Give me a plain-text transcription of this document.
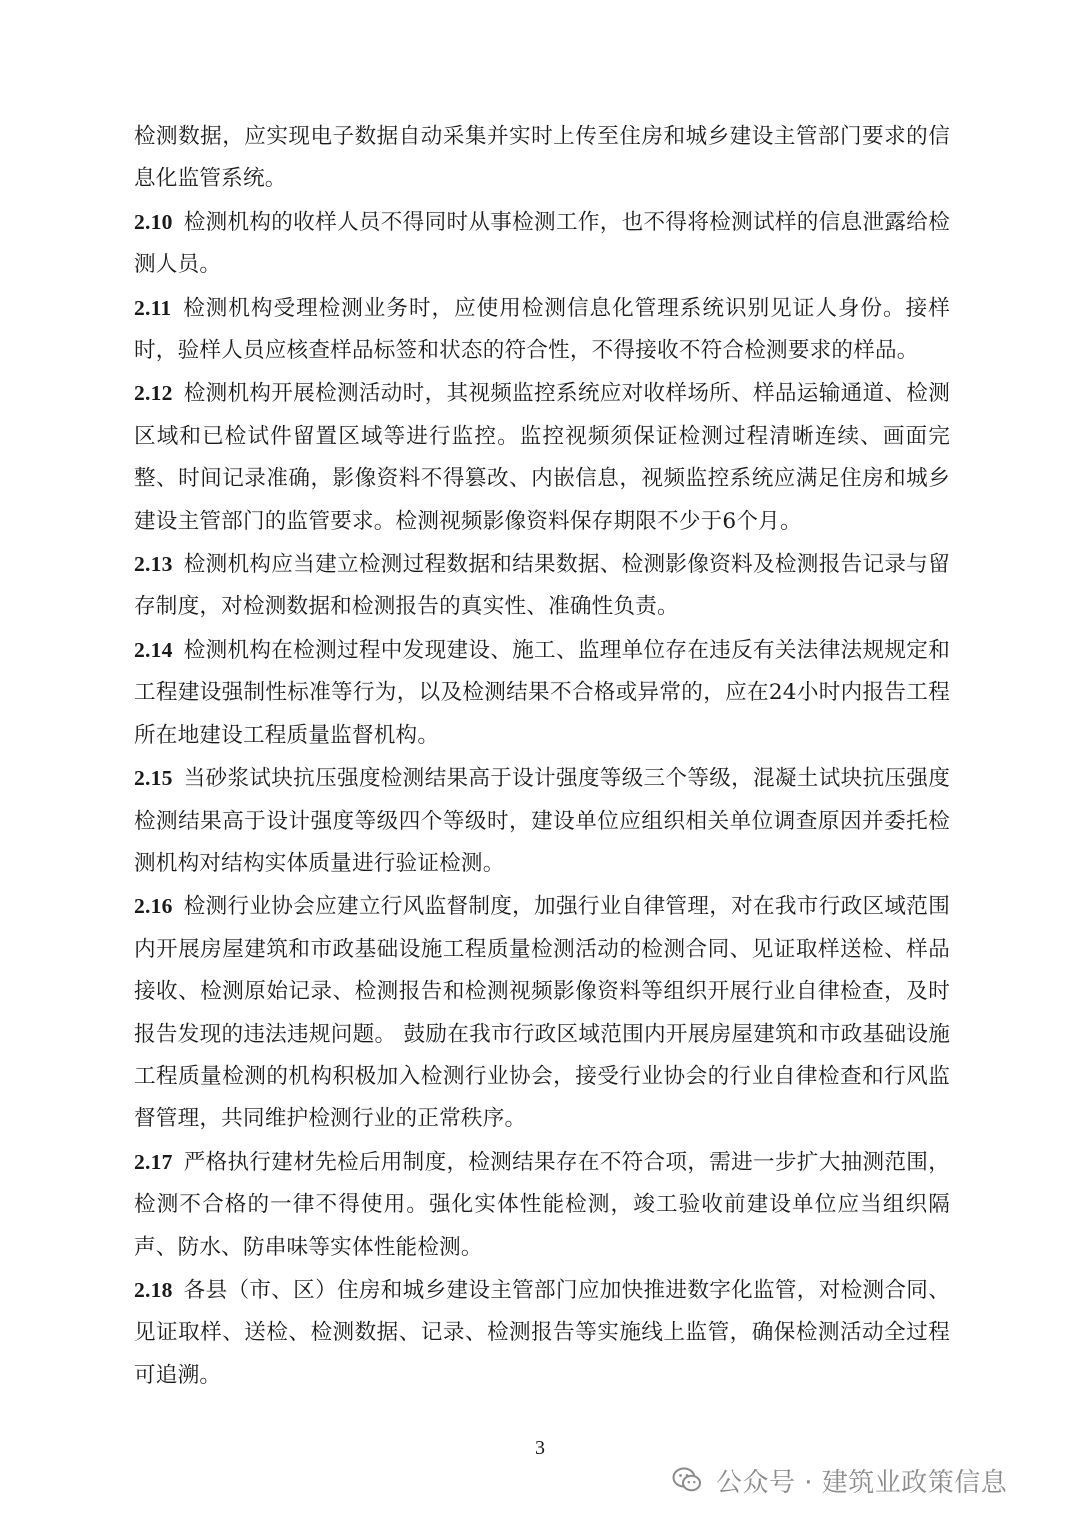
检测数据，应实现电子数据自动采集并实时上传至住房和城乡建设主管部门要求的信息化监管系统。

2.10 检测机构的收样人员不得同时从事检测工作，也不得将检测试样的信息泄露给检测人员。

2.11 检测机构受理检测业务时，应使用检测信息化管理系统识别见证人身份。接样时，验样人员应核查样品标签和状态的符合性，不得接收不符合检测要求的样品。

2.12 检测机构开展检测活动时，其视频监控系统应对收样场所、样品运输通道、检测区域和已检试件留置区域等进行监控。监控视频须保证检测过程清晰连续、画面完整、时间记录准确，影像资料不得篡改、内嵌信息，视频监控系统应满足住房和城乡建设主管部门的监管要求。检测视频影像资料保存期限不少于6个月。

2.13 检测机构应当建立检测过程数据和结果数据、检测影像资料及检测报告记录与留存制度，对检测数据和检测报告的真实性、准确性负责。

2.14 检测机构在检测过程中发现建设、施工、监理单位存在违反有关法律法规规定和工程建设强制性标准等行为，以及检测结果不合格或异常的，应在24小时内报告工程所在地建设工程质量监督机构。

2.15 当砂浆试块抗压强度检测结果高于设计强度等级三个等级，混凝土试块抗压强度检测结果高于设计强度等级四个等级时，建设单位应组织相关单位调查原因并委托检测机构对结构实体质量进行验证检测。

2.16 检测行业协会应建立行风监督制度，加强行业自律管理，对在我市行政区域范围内开展房屋建筑和市政基础设施工程质量检测活动的检测合同、见证取样送检、样品接收、检测原始记录、检测报告和检测视频影像资料等组织开展行业自律检查，及时报告发现的违法违规问题。 鼓励在我市行政区域范围内开展房屋建筑和市政基础设施工程质量检测的机构积极加入检测行业协会，接受行业协会的行业自律检查和行风监督管理，共同维护检测行业的正常秩序。

2.17 严格执行建材先检后用制度，检测结果存在不符合项，需进一步扩大抽测范围，检测不合格的一律不得使用。强化实体性能检测，竣工验收前建设单位应当组织隔声、防水、防串味等实体性能检测。

2.18 各县（市、区）住房和城乡建设主管部门应加快推进数字化监管，对检测合同、见证取样、送检、检测数据、记录、检测报告等实施线上监管，确保检测活动全过程可追溯。

3
公众号 · 建筑业政策信息
